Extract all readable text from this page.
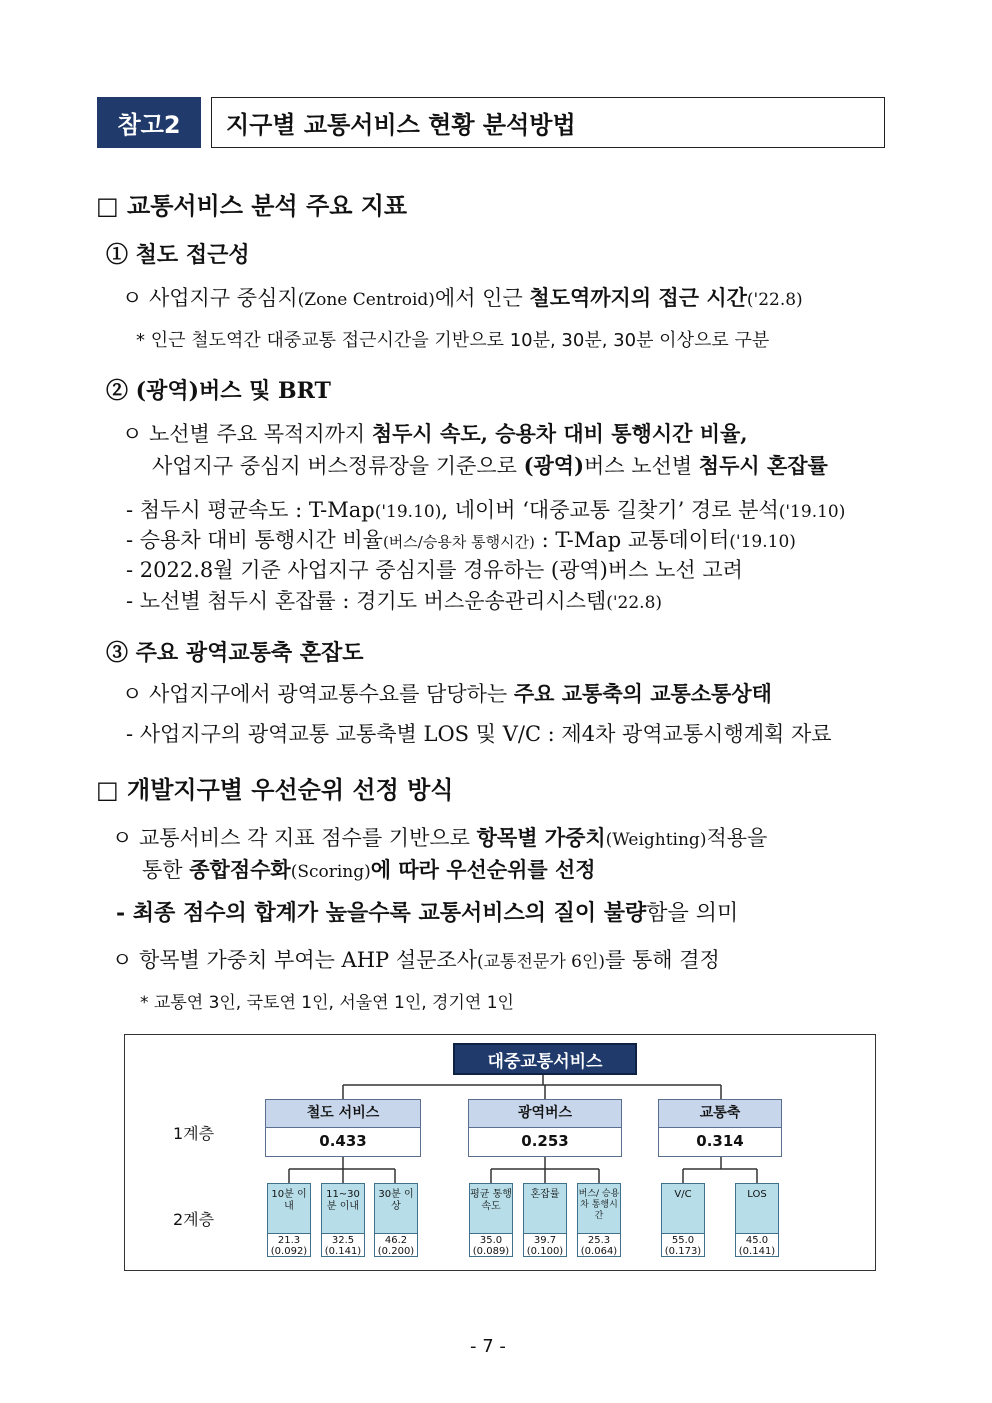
참고2	지구별 교통서비스 현황 분석방법
□ 교통서비스 분석 주요 지표
① 철도 접근성
ㅇ 사업지구 중심지(Zone Centroid)에서 인근 철도역까지의 접근 시간('22.8)
* 인근 철도역간 대중교통 접근시간을 기반으로 10분, 30분, 30분 이상으로 구분
② (광역)버스 및 BRT
ㅇ 노선별 주요 목적지까지 첨두시 속도, 승용차 대비 통행시간 비율,
사업지구 중심지 버스정류장을 기준으로 (광역)버스 노선별 첨두시 혼잡률
- 첨두시 평균속도 : T-Map('19.10), 네이버 ‘대중교통 길찾기’ 경로 분석('19.10)
- 승용차 대비 통행시간 비율(버스/승용차 통행시간) : T-Map 교통데이터('19.10)
- 2022.8월 기준 사업지구 중심지를 경유하는 (광역)버스 노선 고려
- 노선별 첨두시 혼잡률 : 경기도 버스운송관리시스템('22.8)
③ 주요 광역교통축 혼잡도
ㅇ 사업지구에서 광역교통수요를 담당하는 주요 교통축의 교통소통상태
- 사업지구의 광역교통 교통축별 LOS 및 V/C : 제4차 광역교통시행계획 자료
□ 개발지구별 우선순위 선정 방식
ㅇ 교통서비스 각 지표 점수를 기반으로 항목별 가중치(Weighting)적용을
통한 종합점수화(Scoring)에 따라 우선순위를 선정
- 최종 점수의 합계가 높을수록 교통서비스의 질이 불량함을 의미
ㅇ 항목별 가중치 부여는 AHP 설문조사(교통전문가 6인)를 통해 결정
* 교통연 3인, 국토연 1인, 서울연 1인, 경기연 1인
대중교통서비스
1계층
2계층
철도 서비스
0.433
광역버스
0.253
교통축
0.314
10분 이내
21.3
(0.092)
11~30분 이내
32.5
(0.141)
30분 이상
46.2
(0.200)
평균 통행 속도
35.0
(0.089)
혼잡률
39.7
(0.100)
버스/ 승용차 통행시간
25.3
(0.064)
V/C
55.0
(0.173)
LOS
45.0
(0.141)
- 7 -
